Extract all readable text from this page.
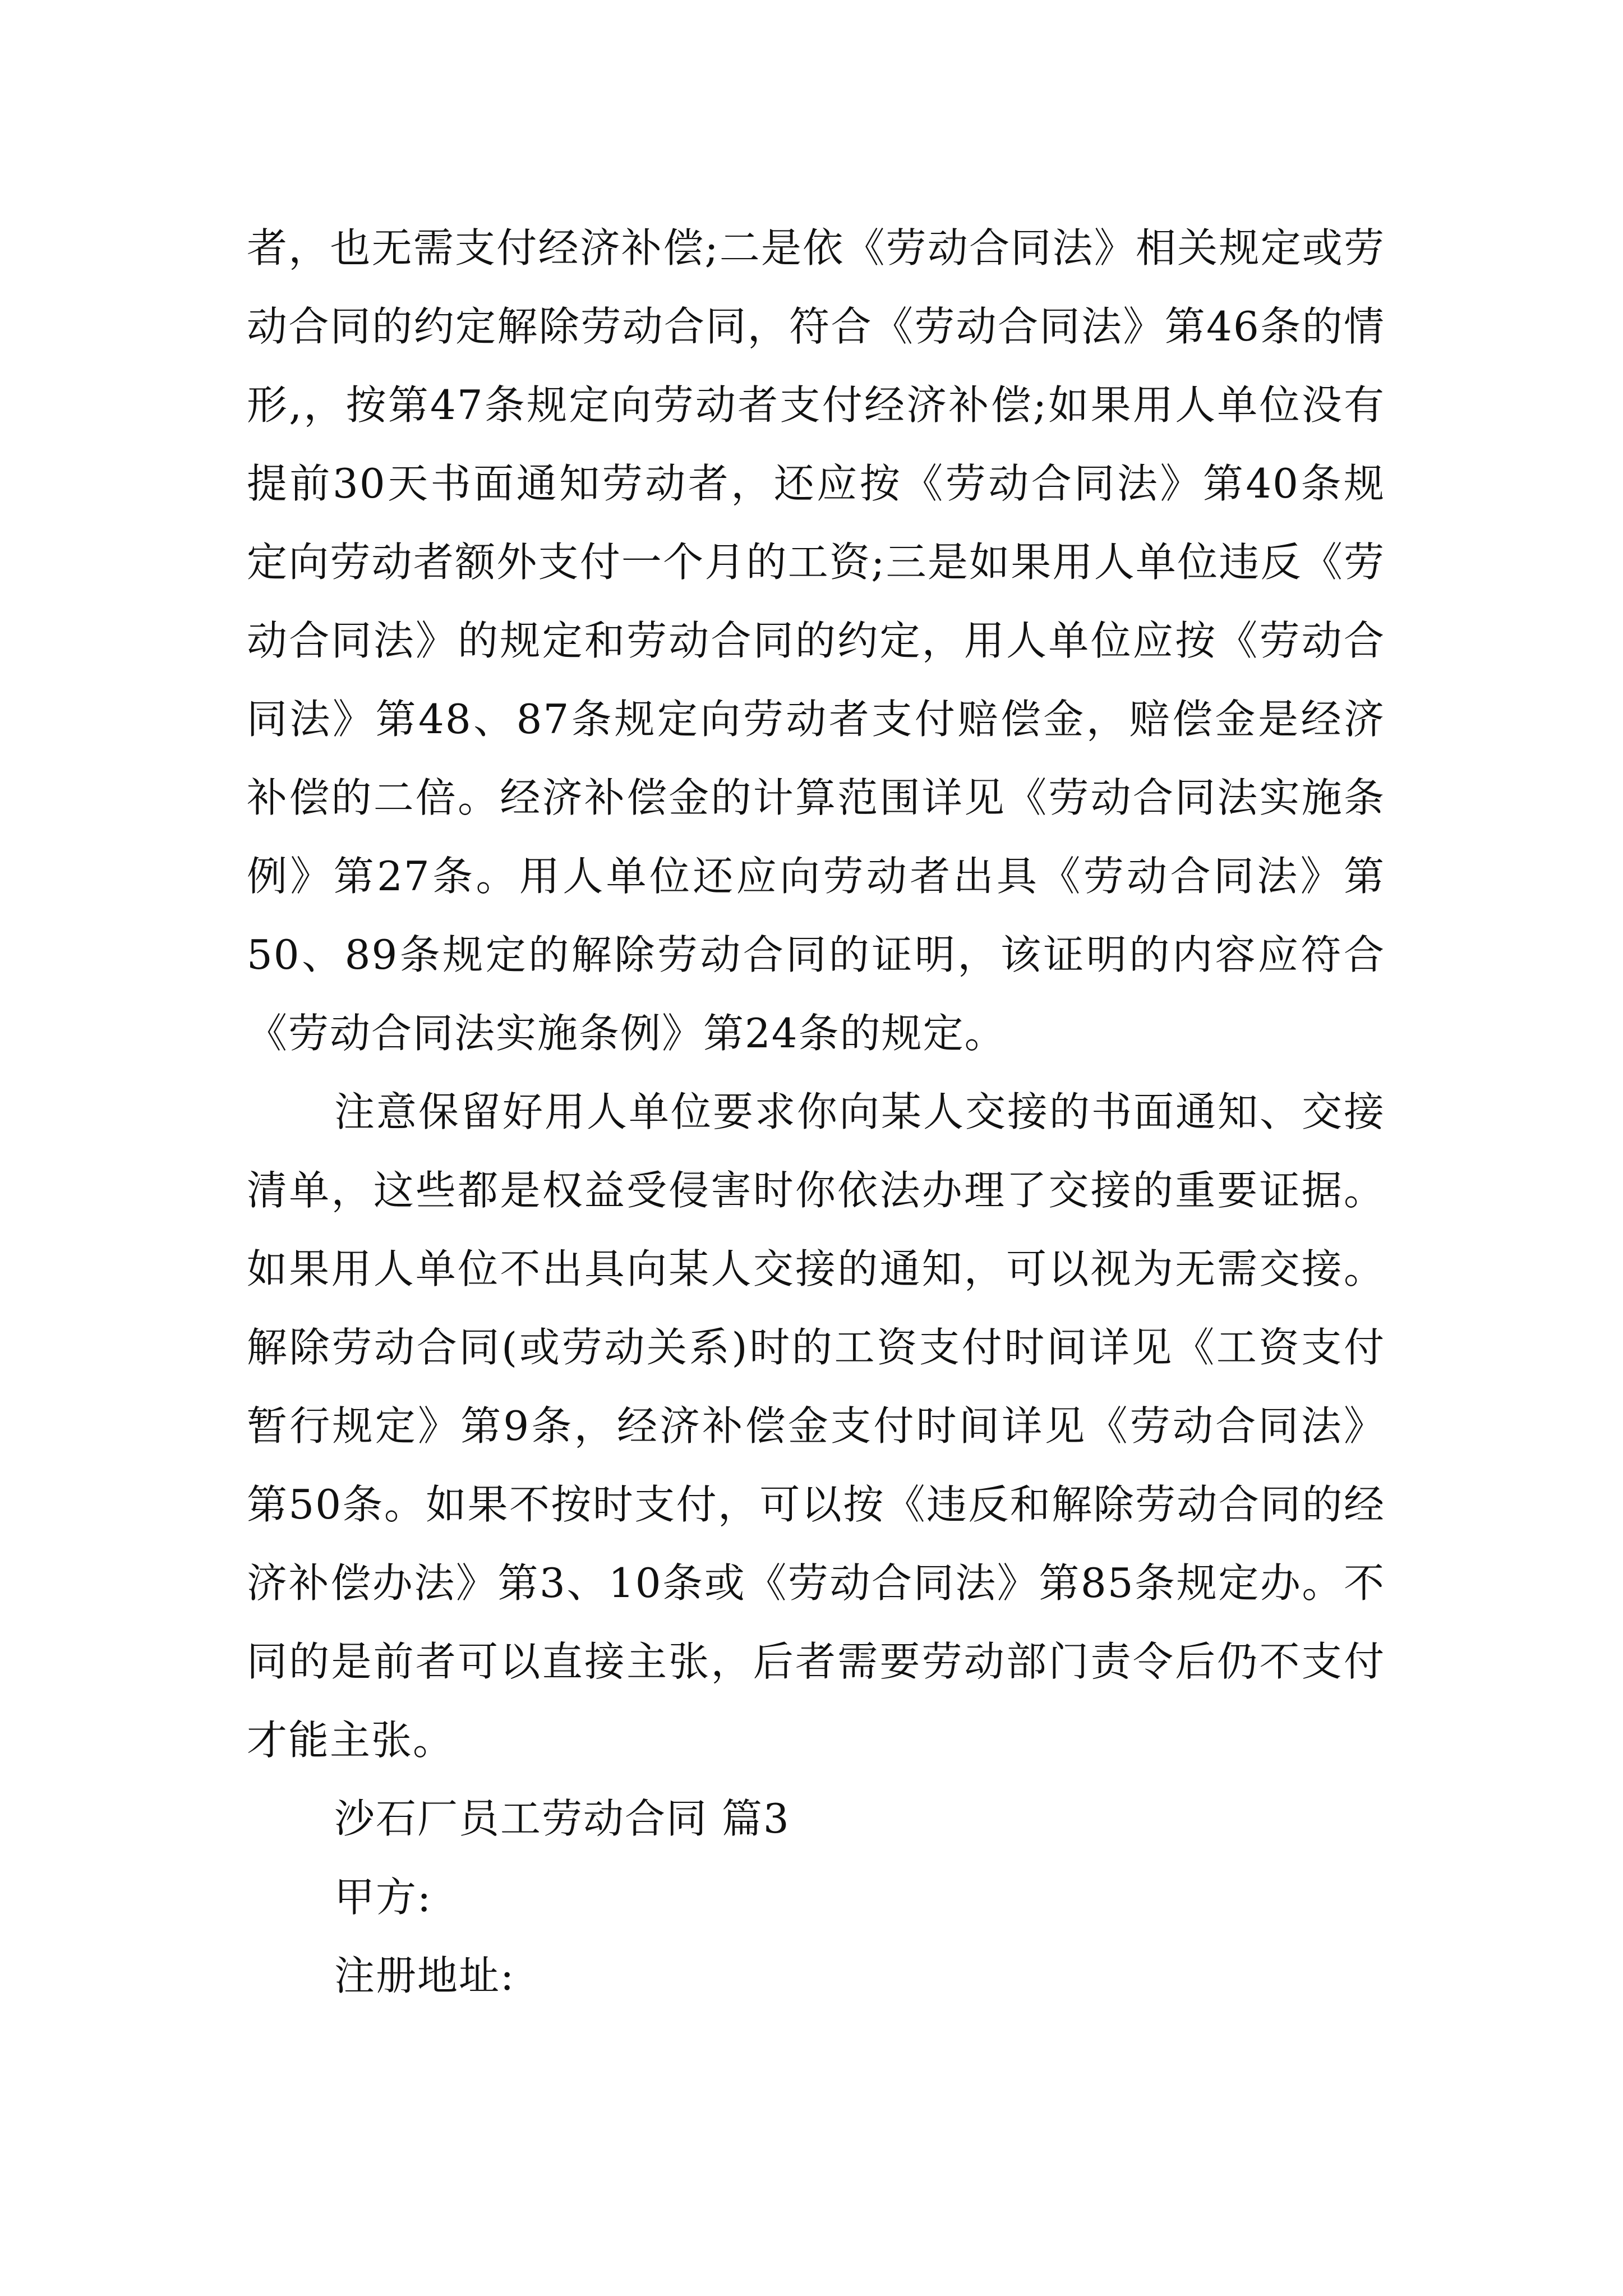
者，也无需支付经济补偿;二是依《劳动合同法》相关规定或劳动合同的约定解除劳动合同，符合《劳动合同法》第46条的情形,，按第47条规定向劳动者支付经济补偿;如果用人单位没有提前30天书面通知劳动者，还应按《劳动合同法》第40条规定向劳动者额外支付一个月的工资;三是如果用人单位违反《劳动合同法》的规定和劳动合同的约定，用人单位应按《劳动合同法》第48、87条规定向劳动者支付赔偿金，赔偿金是经济补偿的二倍。经济补偿金的计算范围详见《劳动合同法实施条例》第27条。用人单位还应向劳动者出具《劳动合同法》第50、89条规定的解除劳动合同的证明，该证明的内容应符合《劳动合同法实施条例》第24条的规定。

注意保留好用人单位要求你向某人交接的书面通知、交接清单，这些都是权益受侵害时你依法办理了交接的重要证据。如果用人单位不出具向某人交接的通知，可以视为无需交接。解除劳动合同(或劳动关系)时的工资支付时间详见《工资支付暂行规定》第9条，经济补偿金支付时间详见《劳动合同法》第50条。如果不按时支付，可以按《违反和解除劳动合同的经济补偿办法》第3、10条或《劳动合同法》第85条规定办。不同的是前者可以直接主张，后者需要劳动部门责令后仍不支付才能主张。

沙石厂员工劳动合同 篇3

甲方:

注册地址:
